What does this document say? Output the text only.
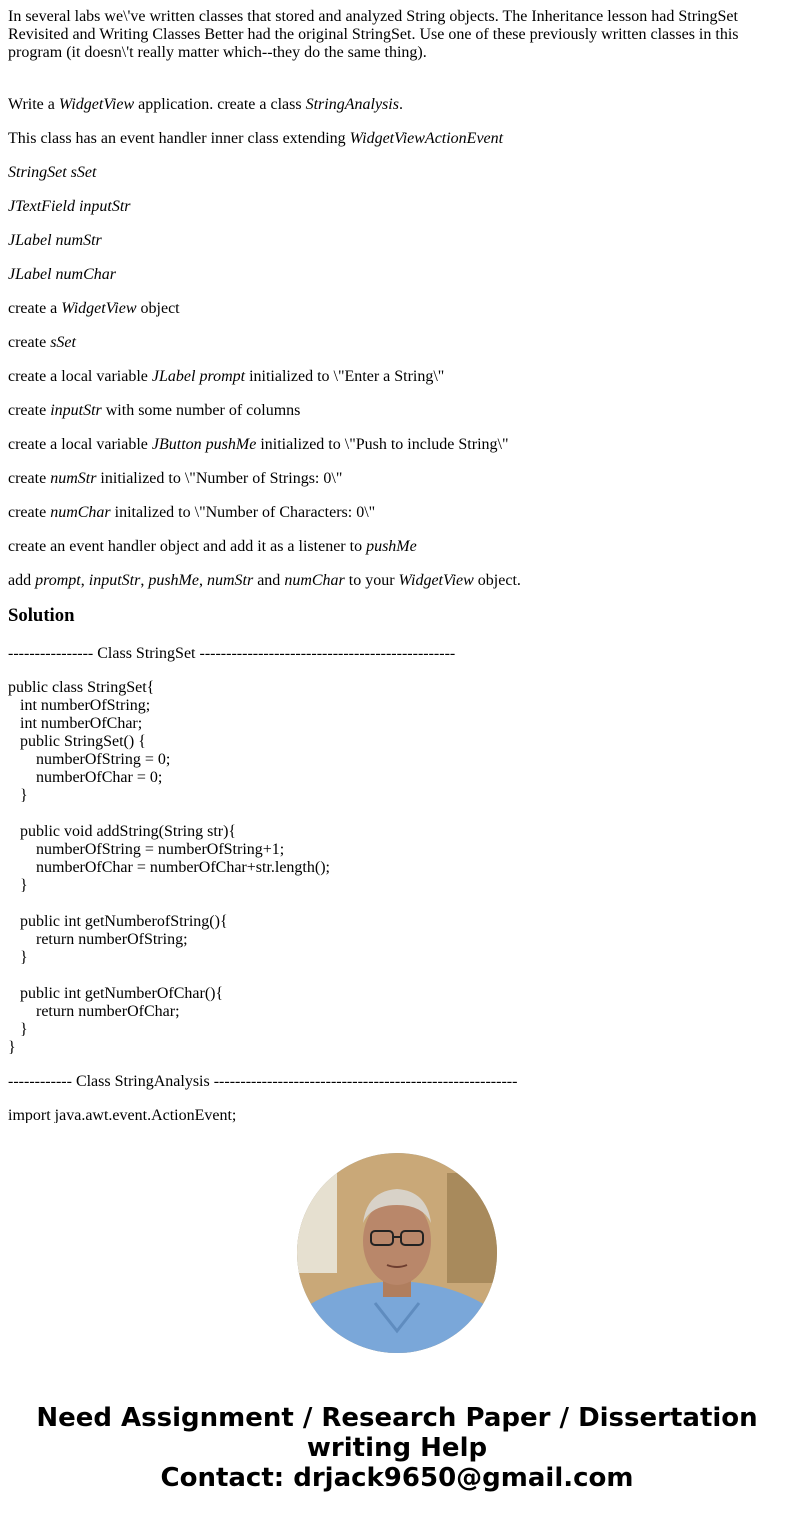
In several labs we\'ve written classes that stored and analyzed String objects. The Inheritance lesson had StringSet Revisited and Writing Classes Better had the original StringSet. Use one of these previously written classes in this program (it doesn\'t really matter which--they do the same thing).

Write a WidgetView application. create a class StringAnalysis.

This class has an event handler inner class extending WidgetViewActionEvent

StringSet sSet

JTextField inputStr

JLabel numStr

JLabel numChar

create a WidgetView object

create sSet

create a local variable JLabel prompt initialized to \"Enter a String\"

create inputStr with some number of columns

create a local variable JButton pushMe initialized to \"Push to include String\"

create numStr initialized to \"Number of Strings: 0\"

create numChar initalized to \"Number of Characters: 0\"

create an event handler object and add it as a listener to pushMe

add prompt, inputStr, pushMe, numStr and numChar to your WidgetView object.

Solution

---------------- Class StringSet ------------------------------------------------

public class StringSet{
int numberOfString;
int numberOfChar;
public StringSet() {
numberOfString = 0;
numberOfChar = 0;
}

public void addString(String str){
numberOfString = numberOfString+1;
numberOfChar = numberOfChar+str.length();
}

public int getNumberofString(){
return numberOfString;
}

public int getNumberOfChar(){
return numberOfChar;
}
}

------------ Class StringAnalysis ---------------------------------------------------------

import java.awt.event.ActionEvent;
Need Assignment / Research Paper / Dissertation
writing Help
Contact: drjack9650@gmail.com
